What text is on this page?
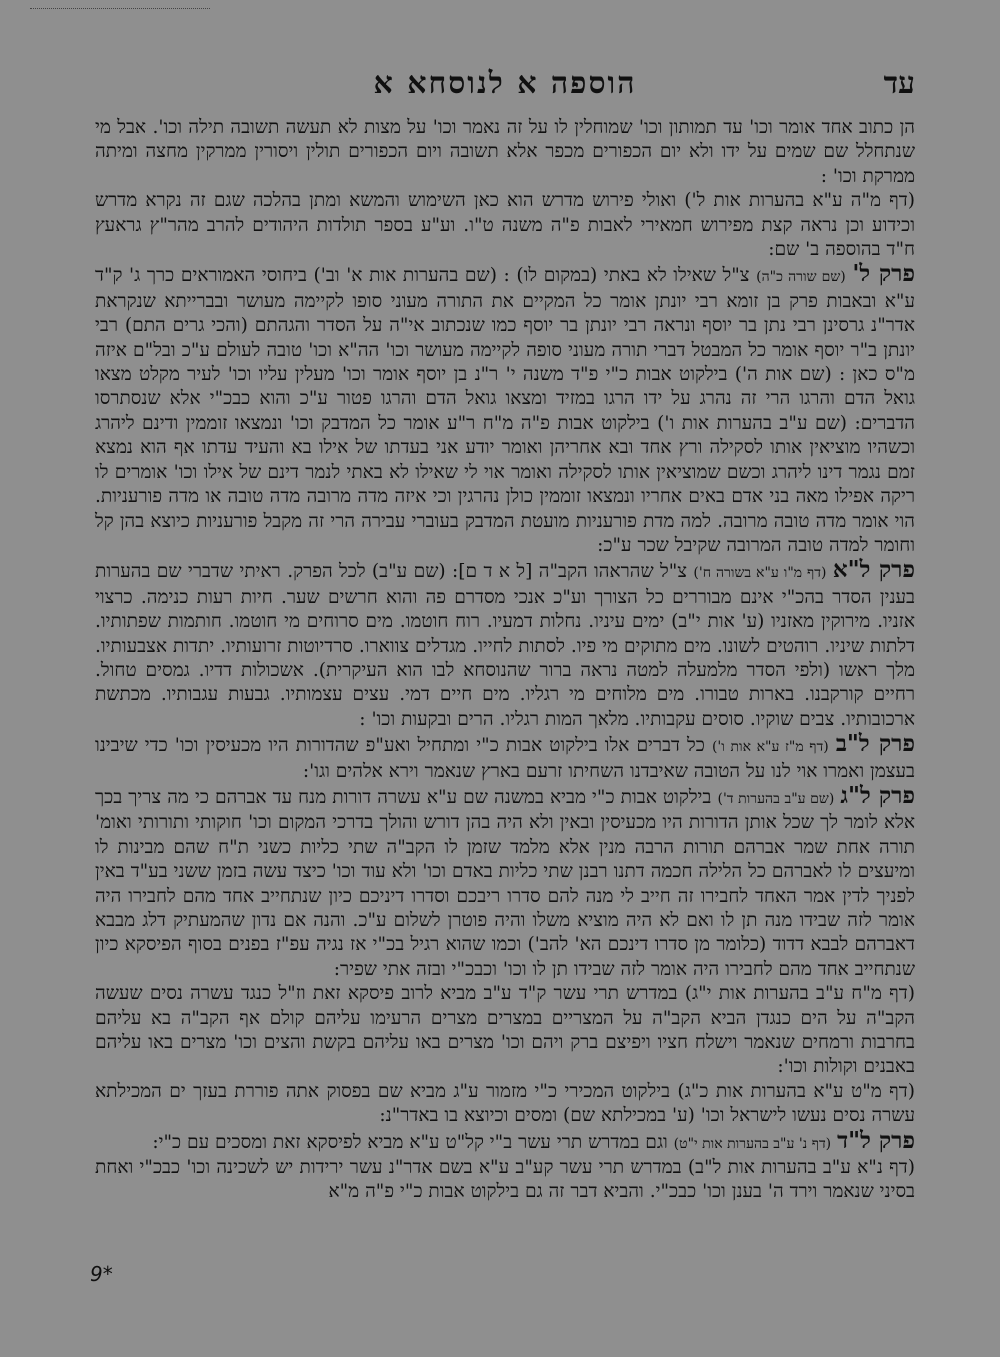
עד
הוספה א לנוסחא א

הן כתוב אחד אומר וכו' עד תמותון וכו' שמוחלין לו על זה נאמר וכו' על מצות לא תעשה תשובה תילה וכו'. אבל מי שנתחלל שם שמים על ידו ולא יום הכפורים מכפר אלא תשובה ויום הכפורים תולין ויסורין ממרקין מחצה ומיתה ממרקת וכו' :

(דף מ"ה ע"א בהערות אות ל') ואולי פירוש מדרש הוא כאן השימוש והמשא ומתן בהלכה שגם זה נקרא מדרש וכידוע וכן נראה קצת מפירוש חמאירי לאבות פ"ה משנה ט"ו. וע"ע בספר תולדות היהודים להרב מהר"ץ גראעץ ח"ד בהוספה ב' שם:

פרק ל' (שם שורה כ"ה) צ"ל שאילו לא באתי (במקום לו) : (שם בהערות אות א' וב') ביחוסי האמוראים כרך ג' ק"ד ע"א ובאבות פרק בן זומא רבי יונתן אומר כל המקיים את התורה מעוני סופו לקיימה מעושר ובברייתא שנקראת אדר"נ גרסינן רבי נתן בר יוסף ונראה רבי יונתן בר יוסף כמו שנכתוב אי"ה על הסדר והגהתם (והכי גרים התם) רבי יונתן ב"ר יוסף אומר כל המבטל דברי תורה מעוני סופה לקיימה מעושר וכו' הה"א וכו' טובה לעולם ע"כ ובל"ם איזה מ"ס כאן : (שם אות ה') בילקוט אבות כ"י פ"ד משנה י' ר"נ בן יוסף אומר וכו' מעלין עליו וכו' לעיר מקלט מצאו גואל הדם והרגו הרי זה נהרג על ידו הרגו במזיד ומצאו גואל הדם והרגו פטור ע"כ והוא כבכ"י אלא שנסתרסו הדברים: (שם ע"ב בהערות אות ו') בילקוט אבות פ"ה מ"ח ר"ע אומר כל המדבק וכו' ונמצאו זוממין ודינם ליהרג וכשהיו מוציאין אותו לסקילה ורץ אחד ובא אחריהן ואומר יודע אני בעדתו של אילו בא והעיד עדתו אף הוא נמצא זמם נגמר דינו ליהרג וכשם שמוציאין אותו לסקילה ואומר אוי לי שאילו לא באתי לנמר דינם של אילו וכו' אומרים לו ריקה אפילו מאה בני אדם באים אחריו ונמצאו זוממין כולן נהרגין וכי איזה מדה מרובה מדה טובה או מדה פורעניות. הוי אומר מדה טובה מרובה. למה מדת פורעניות מועטת המדבק בעוברי עבירה הרי זה מקבל פורעניות כיוצא בהן קל וחומר למדה טובה המרובה שקיבל שכר ע"כ:

פרק ל"א (דף מ"ו ע"א בשורה ח') צ"ל שהראהו הקב"ה [ל א ד ם]: (שם ע"ב) לכל הפרק. ראיתי שדברי שם בהערות בענין הסדר בהכ"י אינם מבוררים כל הצורך וע"כ אנכי מסדרם פה והוא חרשים שער. חיות רעות כנימה. כרצוי אזניו. מירוקין מאזניו (ע' אות י"ב) ימים עיניו. נחלות דמעיו. רוח חוטמו. מים סרוחים מי חוטמו. חותמות שפתותיו. דלתות שיניו. רוהטים לשונו. מים מתוקים מי פיו. לסתות לחייו. מגדלים צווארו. סרדיוטות זרועותיו. יתדות אצבעותיו. מלך ראשו (ולפי הסדר מלמעלה למטה נראה ברור שהנוסחא לבו הוא העיקרית). אשכולות דדיו. גמסים טחול. רחיים קורקבנו. בארות טבורו. מים מלוחים מי רגליו. מים חיים דמי. עצים עצמותיו. גבעות עגבותיו. מכתשת ארכובותיו. צבים שוקיו. סוסים עקבותיו. מלאך המות רגליו. הרים ובקעות וכו' :

פרק ל"ב (דף מ"ז ע"א אות ו') כל דברים אלו בילקוט אבות כ"י ומתחיל ואע"פ שהדורות היו מכעיסין וכו' כדי שיבינו בעצמן ואמרו אוי לנו על הטובה שאיבדנו השחיתו זרעם בארץ שנאמר וירא אלהים וגו':

פרק ל"ג (שם ע"ב בהערות ד') בילקוט אבות כ"י מביא במשנה שם ע"א עשרה דורות מנח עד אברהם כי מה צריך בכך אלא לומר לך שכל אותן הדורות היו מכעיסין ובאין ולא היה בהן דורש והולך בדרכי המקום וכו' חוקותי ותורותי ואומ' תורה אחת שמר אברהם תורות הרבה מנין אלא מלמד שזמן לו הקב"ה שתי כליות כשני ת"ח שהם מבינות לו ומיעצים לו לאברהם כל הלילה חכמה דתנו רבנן שתי כליות באדם וכו' ולא עוד וכו' כיצד עשה בזמן ששני בע"ד באין לפניך לדין אמר האחד לחבירו זה חייב לי מנה להם סדרו ריבכם וסדרו דיניכם כיון שנתחייב אחד מהם לחבירו היה אומר לזה שבידו מנה תן לו ואם לא היה מוציא משלו והיה פוטרן לשלום ע"כ. והנה אם נדון שהמעתיק דלג מבבא דאברהם לבבא דדוד (כלומר מן סדרו דינכם הא' להב') וכמו שהוא רגיל בכ"י אז נגיה עפ"ז בפנים בסוף הפיסקא כיון שנתחייב אחד מהם לחבירו היה אומר לזה שבידו תן לו וכו' וכבכ"י ובזה אתי שפיר:

(דף מ"ח ע"ב בהערות אות י"ג) במדרש תרי עשר ק"ד ע"ב מביא לרוב פיסקא זאת וז"ל כנגד עשרה נסים שעשה הקב"ה על הים כנגדן הביא הקב"ה על המצריים במצרים מצרים הרעימו עליהם קולם אף הקב"ה בא עליהם בחרבות ורמחים שנאמר וישלח חציו ויפיצם ברק ויהם וכו' מצרים באו עליהם בקשת והצים וכו' מצרים באו עליהם באבנים וקולות וכו':

(דף מ"ט ע"א בהערות אות כ"ג) בילקוט המכירי כ"י מזמור ע"ג מביא שם בפסוק אתה פוררת בעזך ים המכילתא עשרה נסים נעשו לישראל וכו' (ע' במכילתא שם) ומסים וכיוצא בו באדר"נ:

פרק ל"ד (דף נ' ע"ב בהערות אות י"ט) וגם במדרש תרי עשר ב"י קל"ט ע"א מביא לפיסקא זאת ומסכים עם כ"י:

(דף נ"א ע"ב בהערות אות ל"ב) במדרש תרי עשר קע"ב ע"א בשם אדר"נ עשר ירידות יש לשכינה וכו' כבכ"י ואחת בסיני שנאמר וירד ה' בענן וכו' כבכ"י. והביא דבר זה גם בילקוט אבות כ"י פ"ה מ"א

9*
